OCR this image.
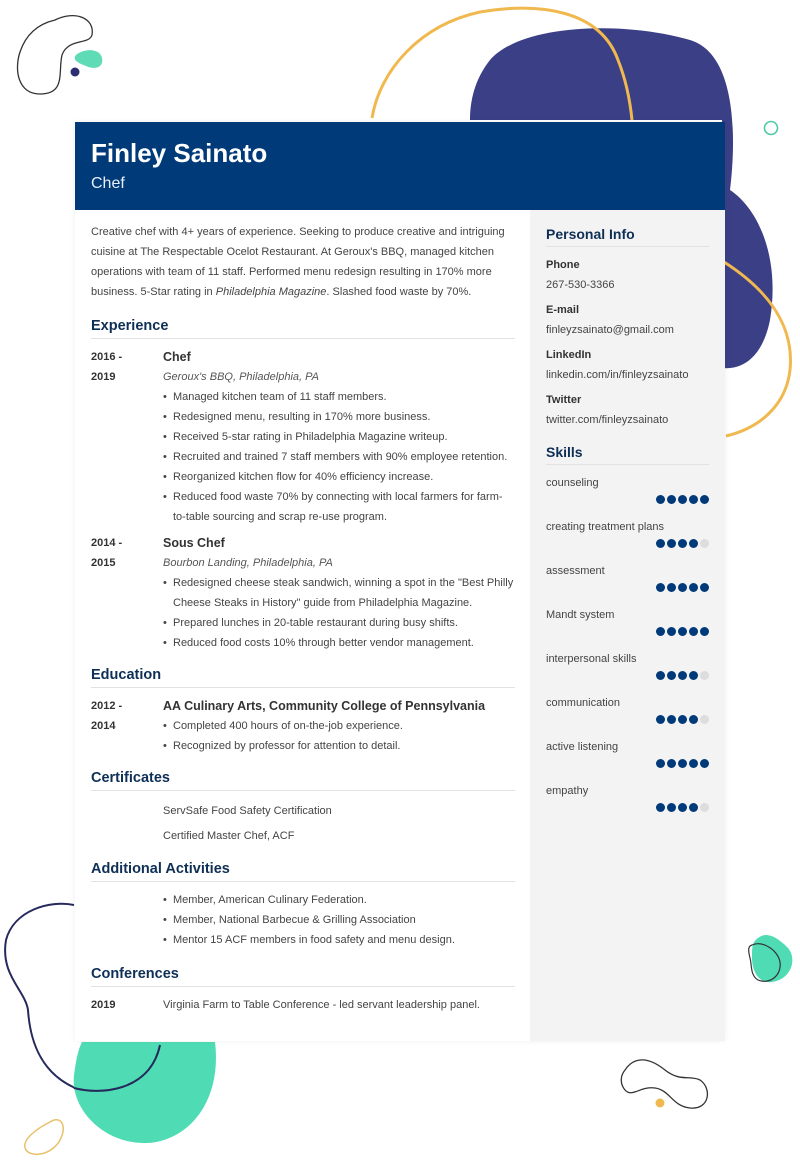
Finley Sainato
Chef

Creative chef with 4+ years of experience. Seeking to produce creative and intriguing cuisine at The Respectable Ocelot Restaurant. At Geroux's BBQ, managed kitchen operations with team of 11 staff. Performed menu redesign resulting in 170% more business. 5-Star rating in Philadelphia Magazine. Slashed food waste by 70%.

Experience
2016 -
2019
Chef
Geroux's BBQ, Philadelphia, PA
• Managed kitchen team of 11 staff members.
• Redesigned menu, resulting in 170% more business.
• Received 5-star rating in Philadelphia Magazine writeup.
• Recruited and trained 7 staff members with 90% employee retention.
• Reorganized kitchen flow for 40% efficiency increase.
• Reduced food waste 70% by connecting with local farmers for farm-to-table sourcing and scrap re-use program.
2014 -
2015
Sous Chef
Bourbon Landing, Philadelphia, PA
• Redesigned cheese steak sandwich, winning a spot in the "Best Philly Cheese Steaks in History" guide from Philadelphia Magazine.
• Prepared lunches in 20-table restaurant during busy shifts.
• Reduced food costs 10% through better vendor management.
Education
2012 -
2014
AA Culinary Arts, Community College of Pennsylvania
• Completed 400 hours of on-the-job experience.
• Recognized by professor for attention to detail.
Certificates
ServSafe Food Safety Certification
Certified Master Chef, ACF
Additional Activities
• Member, American Culinary Federation.
• Member, National Barbecue & Grilling Association
• Mentor 15 ACF members in food safety and menu design.
Conferences
2019	Virginia Farm to Table Conference - led servant leadership panel.
Personal Info
Phone
267-530-3366
E-mail
finleyzsainato@gmail.com
LinkedIn
linkedin.com/in/finleyzsainato
Twitter
twitter.com/finleyzsainato
Skills
counseling
creating treatment plans
assessment
Mandt system
interpersonal skills
communication
active listening
empathy
